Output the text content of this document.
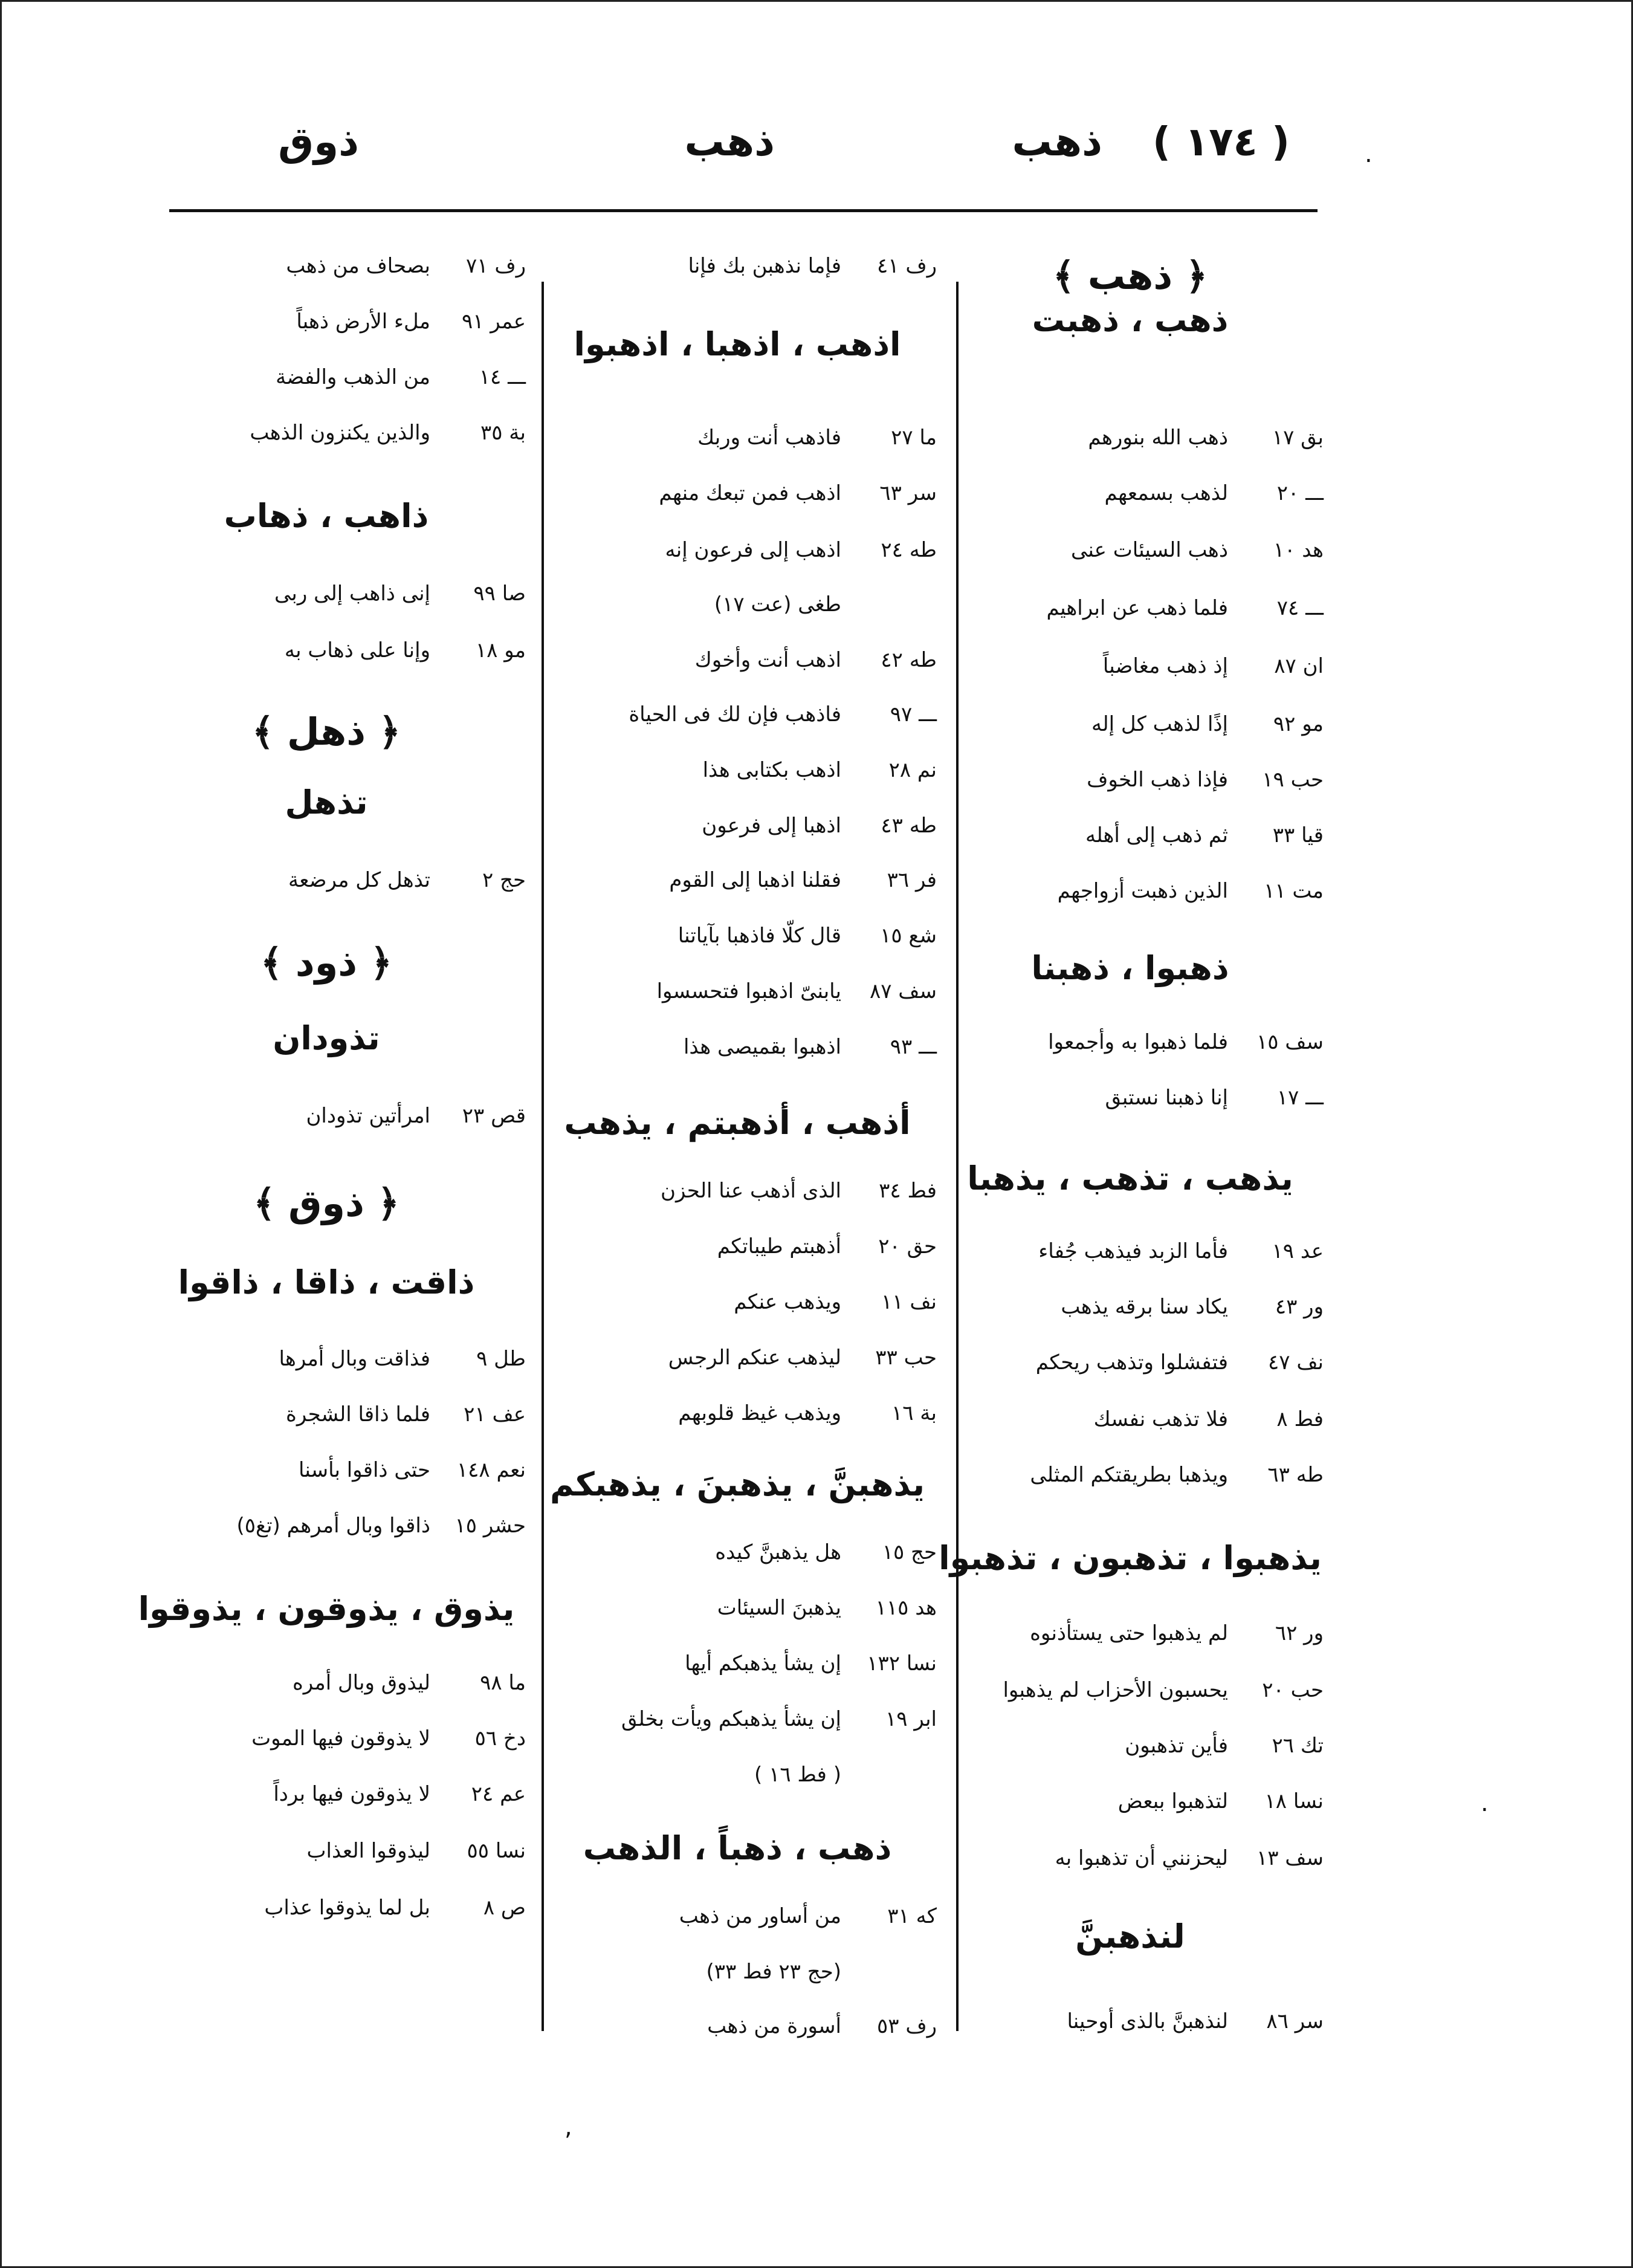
( ١٧٤ )
ذهب
ذهب
ذوق
﴿ ذهب ﴾
ذهب ، ذهبت
بق ١٧ذهب الله بنورهم
ـــ ٢٠لذهب بسمعهم
هد ١٠ذهب السيئات عنى
ـــ ٧٤فلما ذهب عن ابراهيم
ان ٨٧إذ ذهب مغاضباً
مو ٩٢إذًا لذهب كل إله
حب ١٩فإذا ذهب الخوف
قيا ٣٣ثم ذهب إلى أهله
مت ١١الذين ذهبت أزواجهم
ذهبوا ، ذهبنا
سف ١٥فلما ذهبوا به وأجمعوا
ـــ ١٧إنا ذهبنا نستبق
يذهب ، تذهب ، يذهبا
عد ١٩فأما الزبد فيذهب جُفاء
ور ٤٣يكاد سنا برقه يذهب
نف ٤٧فتفشلوا وتذهب ريحكم
فط ٨فلا تذهب نفسك
طه ٦٣ويذهبا بطريقتكم المثلى
يذهبوا ، تذهبون ، تذهبوا
ور ٦٢لم يذهبوا حتى يستأذنوه
حب ٢٠يحسبون الأحزاب لم يذهبوا
تك ٢٦فأين تذهبون
نسا ١٨لتذهبوا ببعض
سف ١٣ليحزنني أن تذهبوا به
لنذهبنَّ
سر ٨٦لنذهبنَّ بالذى أوحينا
رف ٤١فإما نذهبن بك فإنا
اذهب ، اذهبا ، اذهبوا
ما ٢٧فاذهب أنت وربك
سر ٦٣اذهب فمن تبعك منهم
طه ٢٤اذهب إلى فرعون إنه
طغى (عت ١٧)
طه ٤٢اذهب أنت وأخوك
ـــ ٩٧فاذهب فإن لك فى الحياة
نم ٢٨اذهب بكتابى هذا
طه ٤٣اذهبا إلى فرعون
فر ٣٦فقلنا اذهبا إلى القوم
شع ١٥قال كلّا فاذهبا بآياتنا
سف ٨٧يابنىّ اذهبوا فتحسسوا
ـــ ٩٣اذهبوا بقميصى هذا
أذهب ، أذهبتم ، يذهب
فط ٣٤الذى أذهب عنا الحزن
حق ٢٠أذهبتم طيباتكم
نف ١١ويذهب عنكم
حب ٣٣ليذهب عنكم الرجس
بة ١٦ويذهب غيظ قلوبهم
يذهبنَّ ، يذهبنَ ، يذهبكم
حج ١٥هل يذهبنَّ كيده
هد ١١٥يذهبنَ السيئات
نسا ١٣٢إن يشأ يذهبكم أيها
ابر ١٩إن يشأ يذهبكم ويأت بخلق
( فط ١٦ )
ذهب ، ذهباً ، الذهب
كه ٣١من أساور من ذهب
(حج ٢٣ فط ٣٣)
رف ٥٣أسورة من ذهب
رف ٧١بصحاف من ذهب
عمر ٩١ملء الأرض ذهباً
ـــ ١٤من الذهب والفضة
بة ٣٥والذين يكنزون الذهب
ذاهب ، ذهاب
صا ٩٩إنى ذاهب إلى ربى
مو ١٨وإنا على ذهاب به
﴿ ذهل ﴾
تذهل
حج ٢تذهل كل مرضعة
﴿ ذود ﴾
تذودان
قص ٢٣امرأتين تذودان
﴿ ذوق ﴾
ذاقت ، ذاقا ، ذاقوا
طل ٩فذاقت وبال أمرها
عف ٢١فلما ذاقا الشجرة
نعم ١٤٨حتى ذاقوا بأسنا
حشر ١٥ذاقوا وبال أمرهم (تغ٥)
يذوق ، يذوقون ، يذوقوا
ما ٩٨ليذوق وبال أمره
دخ ٥٦لا يذوقون فيها الموت
عم ٢٤لا يذوقون فيها برداً
نسا ٥٥ليذوقوا العذاب
ص ٨بل لما يذوقوا عذاب
.
.
,
